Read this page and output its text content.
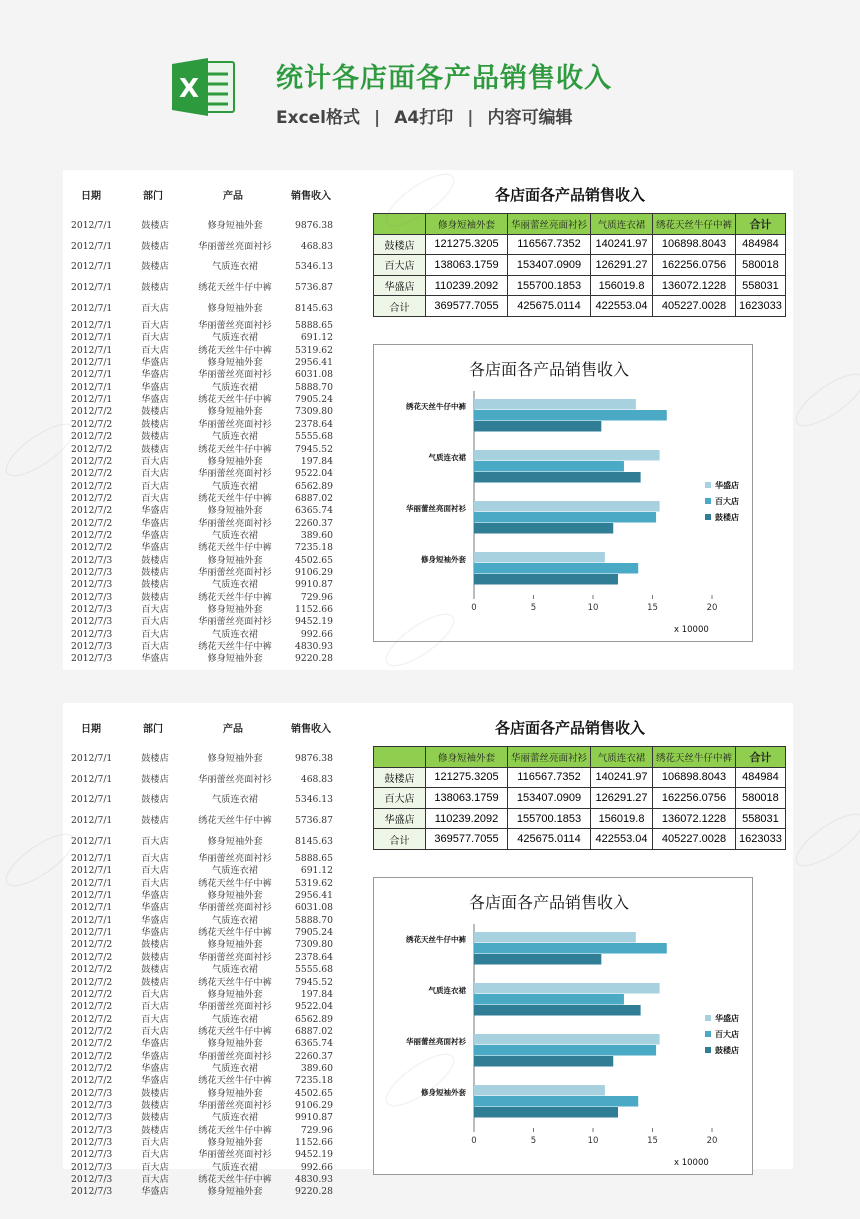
X	统计各店面各产品销售收入
Excel格式 | A4打印 | 内容可编辑
日期	部门	产品	销售收入
2012/7/1	鼓楼店	修身短袖外套	9876.38
2012/7/1	鼓楼店	华丽蕾丝亮面衬衫	468.83
2012/7/1	鼓楼店	气质连衣裙	5346.13
2012/7/1	鼓楼店	绣花天丝牛仔中裤	5736.87
2012/7/1	百大店	修身短袖外套	8145.63
2012/7/1	百大店	华丽蕾丝亮面衬衫	5888.65
2012/7/1	百大店	气质连衣裙	691.12
2012/7/1	百大店	绣花天丝牛仔中裤	5319.62
2012/7/1	华盛店	修身短袖外套	2956.41
2012/7/1	华盛店	华丽蕾丝亮面衬衫	6031.08
2012/7/1	华盛店	气质连衣裙	5888.70
2012/7/1	华盛店	绣花天丝牛仔中裤	7905.24
2012/7/2	鼓楼店	修身短袖外套	7309.80
2012/7/2	鼓楼店	华丽蕾丝亮面衬衫	2378.64
2012/7/2	鼓楼店	气质连衣裙	5555.68
2012/7/2	鼓楼店	绣花天丝牛仔中裤	7945.52
2012/7/2	百大店	修身短袖外套	197.84
2012/7/2	百大店	华丽蕾丝亮面衬衫	9522.04
2012/7/2	百大店	气质连衣裙	6562.89
2012/7/2	百大店	绣花天丝牛仔中裤	6887.02
2012/7/2	华盛店	修身短袖外套	6365.74
2012/7/2	华盛店	华丽蕾丝亮面衬衫	2260.37
2012/7/2	华盛店	气质连衣裙	389.60
2012/7/2	华盛店	绣花天丝牛仔中裤	7235.18
2012/7/3	鼓楼店	修身短袖外套	4502.65
2012/7/3	鼓楼店	华丽蕾丝亮面衬衫	9106.29
2012/7/3	鼓楼店	气质连衣裙	9910.87
2012/7/3	鼓楼店	绣花天丝牛仔中裤	729.96
2012/7/3	百大店	修身短袖外套	1152.66
2012/7/3	百大店	华丽蕾丝亮面衬衫	9452.19
2012/7/3	百大店	气质连衣裙	992.66
2012/7/3	百大店	绣花天丝牛仔中裤	4830.93
2012/7/3	华盛店	修身短袖外套	9220.28
各店面各产品销售收入
	修身短袖外套	华丽蕾丝亮面衬衫	气质连衣裙	绣花天丝牛仔中裤	合计
鼓楼店	121275.3205	116567.7352	140241.97	106898.8043	484984
百大店	138063.1759	153407.0909	126291.27	162256.0756	580018
华盛店	110239.2092	155700.1853	156019.8	136072.1228	558031
合计	369577.7055	425675.0114	422553.04	405227.0028	1623033
各店面各产品销售收入
0	5	10	15	20
绣花天丝牛仔中裤
气质连衣裙
华丽蕾丝亮面衬衫
修身短袖外套
华盛店
百大店
鼓楼店
x 10000
日期	部门	产品	销售收入
2012/7/1	鼓楼店	修身短袖外套	9876.38
2012/7/1	鼓楼店	华丽蕾丝亮面衬衫	468.83
2012/7/1	鼓楼店	气质连衣裙	5346.13
2012/7/1	鼓楼店	绣花天丝牛仔中裤	5736.87
2012/7/1	百大店	修身短袖外套	8145.63
2012/7/1	百大店	华丽蕾丝亮面衬衫	5888.65
2012/7/1	百大店	气质连衣裙	691.12
2012/7/1	百大店	绣花天丝牛仔中裤	5319.62
2012/7/1	华盛店	修身短袖外套	2956.41
2012/7/1	华盛店	华丽蕾丝亮面衬衫	6031.08
2012/7/1	华盛店	气质连衣裙	5888.70
2012/7/1	华盛店	绣花天丝牛仔中裤	7905.24
2012/7/2	鼓楼店	修身短袖外套	7309.80
2012/7/2	鼓楼店	华丽蕾丝亮面衬衫	2378.64
2012/7/2	鼓楼店	气质连衣裙	5555.68
2012/7/2	鼓楼店	绣花天丝牛仔中裤	7945.52
2012/7/2	百大店	修身短袖外套	197.84
2012/7/2	百大店	华丽蕾丝亮面衬衫	9522.04
2012/7/2	百大店	气质连衣裙	6562.89
2012/7/2	百大店	绣花天丝牛仔中裤	6887.02
2012/7/2	华盛店	修身短袖外套	6365.74
2012/7/2	华盛店	华丽蕾丝亮面衬衫	2260.37
2012/7/2	华盛店	气质连衣裙	389.60
2012/7/2	华盛店	绣花天丝牛仔中裤	7235.18
2012/7/3	鼓楼店	修身短袖外套	4502.65
2012/7/3	鼓楼店	华丽蕾丝亮面衬衫	9106.29
2012/7/3	鼓楼店	气质连衣裙	9910.87
2012/7/3	鼓楼店	绣花天丝牛仔中裤	729.96
2012/7/3	百大店	修身短袖外套	1152.66
2012/7/3	百大店	华丽蕾丝亮面衬衫	9452.19
2012/7/3	百大店	气质连衣裙	992.66
2012/7/3	百大店	绣花天丝牛仔中裤	4830.93
2012/7/3	华盛店	修身短袖外套	9220.28
各店面各产品销售收入
	修身短袖外套	华丽蕾丝亮面衬衫	气质连衣裙	绣花天丝牛仔中裤	合计
鼓楼店	121275.3205	116567.7352	140241.97	106898.8043	484984
百大店	138063.1759	153407.0909	126291.27	162256.0756	580018
华盛店	110239.2092	155700.1853	156019.8	136072.1228	558031
合计	369577.7055	425675.0114	422553.04	405227.0028	1623033
各店面各产品销售收入
0	5	10	15	20
绣花天丝牛仔中裤
气质连衣裙
华丽蕾丝亮面衬衫
修身短袖外套
华盛店
百大店
鼓楼店
x 10000
